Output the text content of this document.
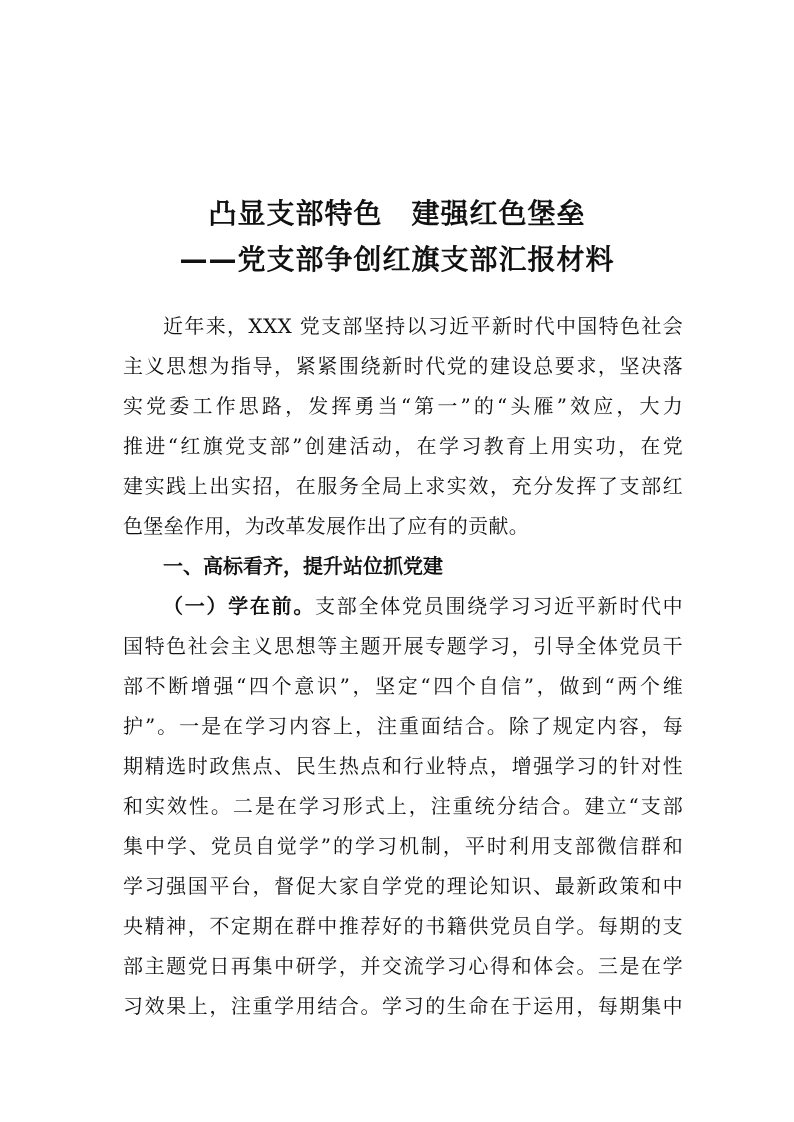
凸显支部特色　建强红色堡垒
——党支部争创红旗支部汇报材料
近年来，XXX 党支部坚持以习近平新时代中国特色社会
主义思想为指导，紧紧围绕新时代党的建设总要求，坚决落
实党委工作思路，发挥勇当“第一”的“头雁”效应，大力
推进“红旗党支部”创建活动，在学习教育上用实功，在党
建实践上出实招，在服务全局上求实效，充分发挥了支部红
色堡垒作用，为改革发展作出了应有的贡献。
一、高标看齐，提升站位抓党建
（一）学在前。支部全体党员围绕学习习近平新时代中
国特色社会主义思想等主题开展专题学习，引导全体党员干
部不断增强“四个意识”，坚定“四个自信”，做到“两个维
护”。一是在学习内容上，注重面结合。除了规定内容，每
期精选时政焦点、民生热点和行业特点，增强学习的针对性
和实效性。二是在学习形式上，注重统分结合。建立“支部
集中学、党员自觉学”的学习机制，平时利用支部微信群和
学习强国平台，督促大家自学党的理论知识、最新政策和中
央精神，不定期在群中推荐好的书籍供党员自学。每期的支
部主题党日再集中研学，并交流学习心得和体会。三是在学
习效果上，注重学用结合。学习的生命在于运用，每期集中
